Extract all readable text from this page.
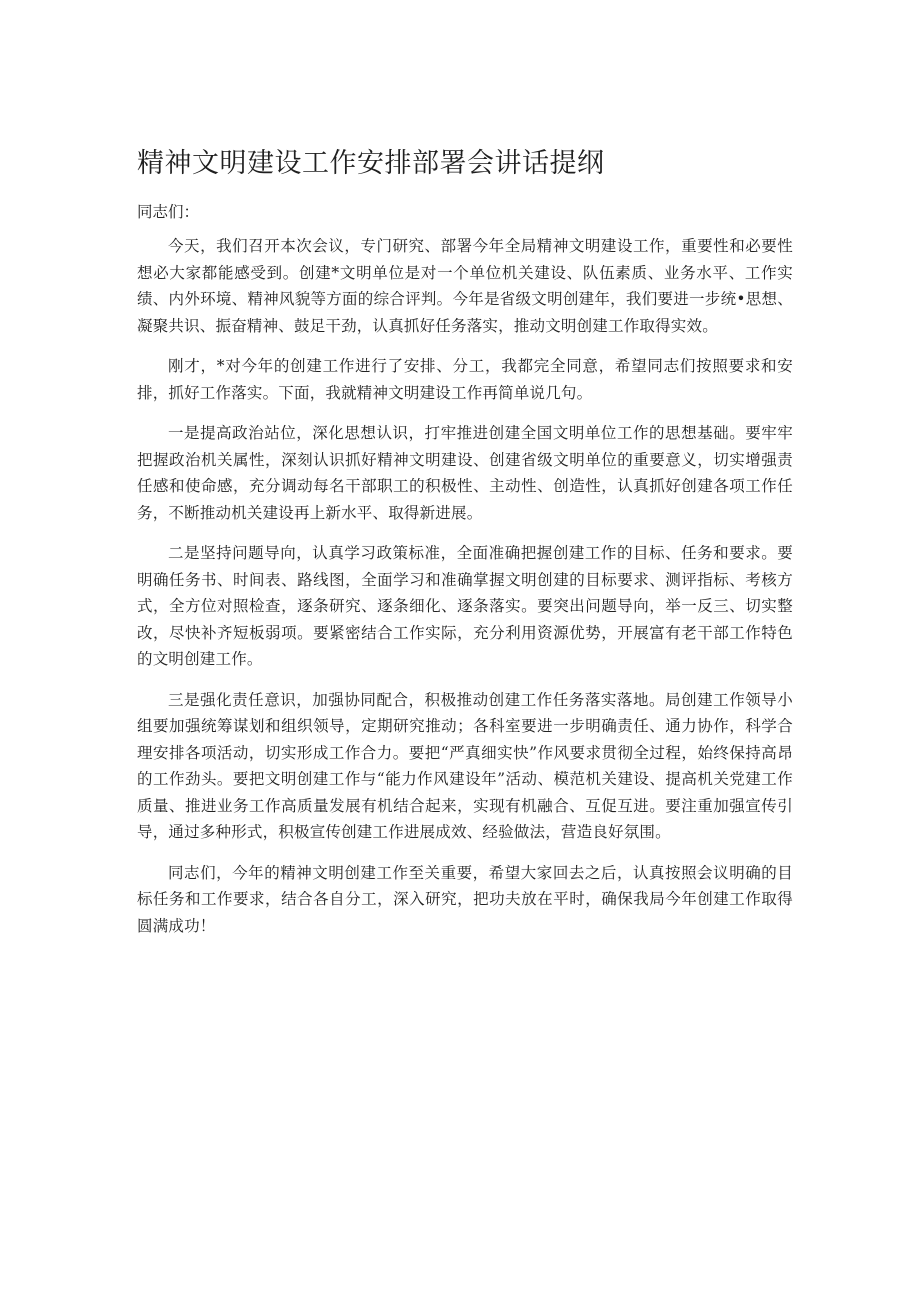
精神文明建设工作安排部署会讲话提纲

同志们：

今天，我们召开本次会议，专门研究、部署今年全局精神文明建设工作，重要性和必要性想必大家都能感受到。创建*文明单位是对一个单位机关建设、队伍素质、业务水平、工作实绩、内外环境、精神风貌等方面的综合评判。今年是省级文明创建年，我们要进一步统•思想、凝聚共识、振奋精神、鼓足干劲，认真抓好任务落实，推动文明创建工作取得实效。

刚才，*对今年的创建工作进行了安排、分工，我都完全同意，希望同志们按照要求和安排，抓好工作落实。下面，我就精神文明建设工作再简单说几句。

一是提高政治站位，深化思想认识，打牢推进创建全国文明单位工作的思想基础。要牢牢把握政治机关属性，深刻认识抓好精神文明建设、创建省级文明单位的重要意义，切实增强责任感和使命感，充分调动每名干部职工的积极性、主动性、创造性，认真抓好创建各项工作任务，不断推动机关建设再上新水平、取得新进展。

二是坚持问题导向，认真学习政策标准，全面准确把握创建工作的目标、任务和要求。要明确任务书、时间表、路线图，全面学习和准确掌握文明创建的目标要求、测评指标、考核方式，全方位对照检查，逐条研究、逐条细化、逐条落实。要突出问题导向，举一反三、切实整改，尽快补齐短板弱项。要紧密结合工作实际，充分利用资源优势，开展富有老干部工作特色的文明创建工作。

三是强化责任意识，加强协同配合，积极推动创建工作任务落实落地。局创建工作领导小组要加强统筹谋划和组织领导，定期研究推动；各科室要进一步明确责任、通力协作，科学合理安排各项活动，切实形成工作合力。要把“严真细实快”作风要求贯彻全过程，始终保持高昂的工作劲头。要把文明创建工作与“能力作风建设年”活动、模范机关建设、提高机关党建工作质量、推进业务工作高质量发展有机结合起来，实现有机融合、互促互进。要注重加强宣传引导，通过多种形式，积极宣传创建工作进展成效、经验做法，营造良好氛围。

同志们，今年的精神文明创建工作至关重要，希望大家回去之后，认真按照会议明确的目标任务和工作要求，结合各自分工，深入研究，把功夫放在平时，确保我局今年创建工作取得圆满成功！
